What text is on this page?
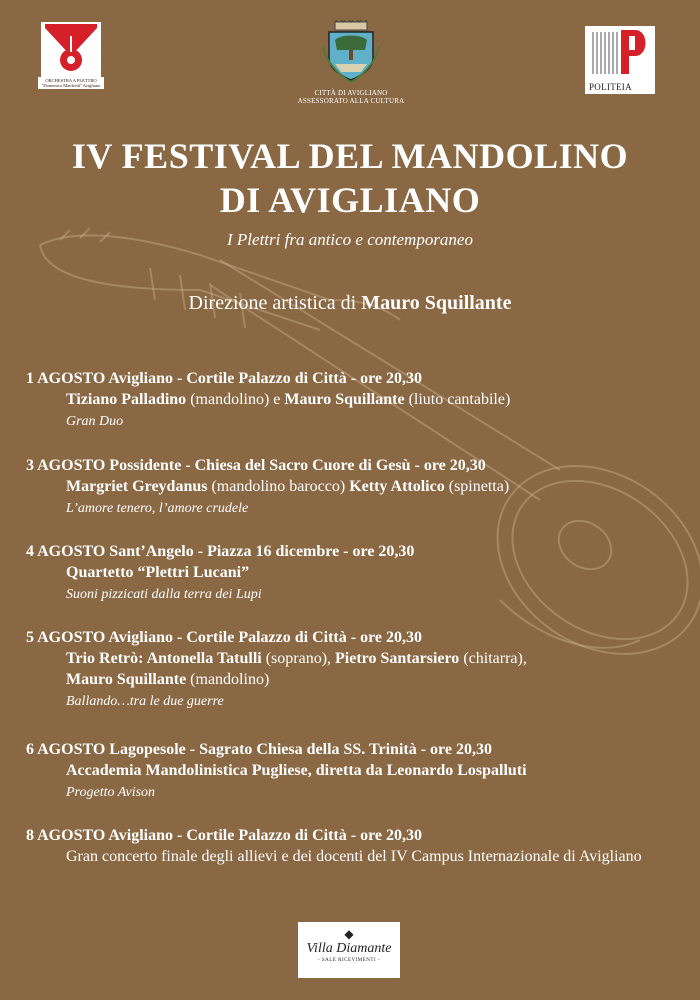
ORCHESTRA A PLETTRO "Domenico Manfredi" Avigliano
CITTÀ DI AVIGLIANO
ASSESSORATO ALLA CULTURA
POLITEIA
IV FESTIVAL DEL MANDOLINO
DI AVIGLIANO
I Plettri fra antico e contemporaneo
Direzione artistica di Mauro Squillante
1 AGOSTO Avigliano - Cortile Palazzo di Città - ore 20,30
Tiziano Palladino (mandolino) e Mauro Squillante (liuto cantabile)
Gran Duo
3 AGOSTO Possidente - Chiesa del Sacro Cuore di Gesù - ore 20,30
Margriet Greydanus (mandolino barocco) Ketty Attolico (spinetta)
L’amore tenero, l’amore crudele
4 AGOSTO Sant’Angelo - Piazza 16 dicembre - ore 20,30
Quartetto “Plettri Lucani”
Suoni pizzicati dalla terra dei Lupi
5 AGOSTO Avigliano - Cortile Palazzo di Città - ore 20,30
Trio Retrò: Antonella Tatulli (soprano), Pietro Santarsiero (chitarra),
Mauro Squillante (mandolino)
Ballando…tra le due guerre
6 AGOSTO Lagopesole - Sagrato Chiesa della SS. Trinità - ore 20,30
Accademia Mandolinistica Pugliese, diretta da Leonardo Lospalluti
Progetto Avison
8 AGOSTO Avigliano - Cortile Palazzo di Città - ore 20,30
Gran concerto finale degli allievi e dei docenti del IV Campus Internazionale di Avigliano
◆
Villa Diamante
- SALE RICEVIMENTI -
